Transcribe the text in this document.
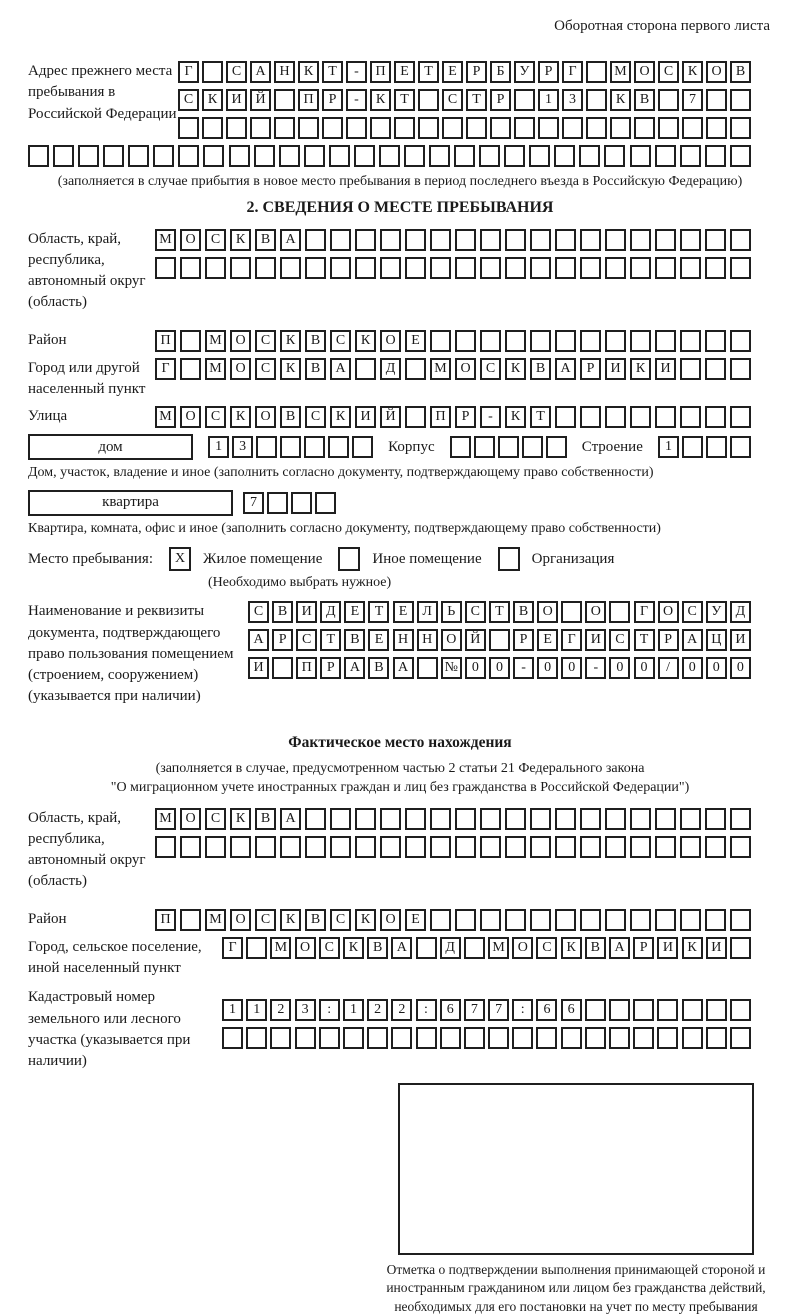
Оборотная сторона первого листа
Адрес прежнего места пребывания в Российской Федерации
Г	С	А Н	К	Т	-	П	Е	Т	Е	Р	Б	У	Р	Г	М О	С	К	О	В
С	К	И Й	П	Р	-	К	Т	С	Т	Р	1	3	К	В	7
(заполняется в случае прибытия в новое место пребывания в период последнего въезда в Российскую Федерацию)
2. СВЕДЕНИЯ О МЕСТЕ ПРЕБЫВАНИЯ
Область, край, республика, автономный округ (область)
М О	С	К	В	А
Район	П	М О	С	К	В	С	К	О	Е
Город или другой населенный пункт
Г	М О	С	К	В	А	Д	М О	С	К	В	А	Р	И	К	И
Улица	М О	С	К	О	В	С	К	И	Й	П	Р	-	К	Т
дом	1	3	Корпус	Строение	1
Дом, участок, владение и иное (заполнить согласно документу, подтверждающему право собственности)
квартира	7
Квартира, комната, офис и иное (заполнить согласно документу, подтверждающему право собственности)
Место пребывания:	X	Жилое помещение	Иное помещение	Организация
(Необходимо выбрать нужное)
Наименование и реквизиты документа, подтверждающего право пользования помещением (строением, сооружением) (указывается при наличии)
С	В	И	Д	Е	Т	Е	Л	Ь	С	Т	В	О	О	Г	О	С	У	Д
А	Р	С	Т	В	Е	Н Н О Й	Р	Е	Г	И	С	Т	Р	А Ц И
И	П	Р	А	В	А	№ 0	0	-	0	0	-	0	0	/	0	0	0
Фактическое место нахождения
(заполняется в случае, предусмотренном частью 2 статьи 21 Федерального закона
"О миграционном учете иностранных граждан и лиц без гражданства в Российской Федерации")
Область, край, республика, автономный округ (область)
М О	С	К	В	А
Район	П	М О	С	К	В	С	К	О	Е
Город, сельское поселение, иной населенный пункт
Г	М О	С	К	В	А	Д	М О	С	К	В	А	Р	И	К	И
Кадастровый номер земельного или лесного участка (указывается при наличии)
1	1	2	3	:	1	2	2	:	6	7	7	:	6	6
Отметка о подтверждении выполнения принимающей стороной и иностранным гражданином или лицом без гражданства действий, необходимых для его постановки на учет по месту пребывания
